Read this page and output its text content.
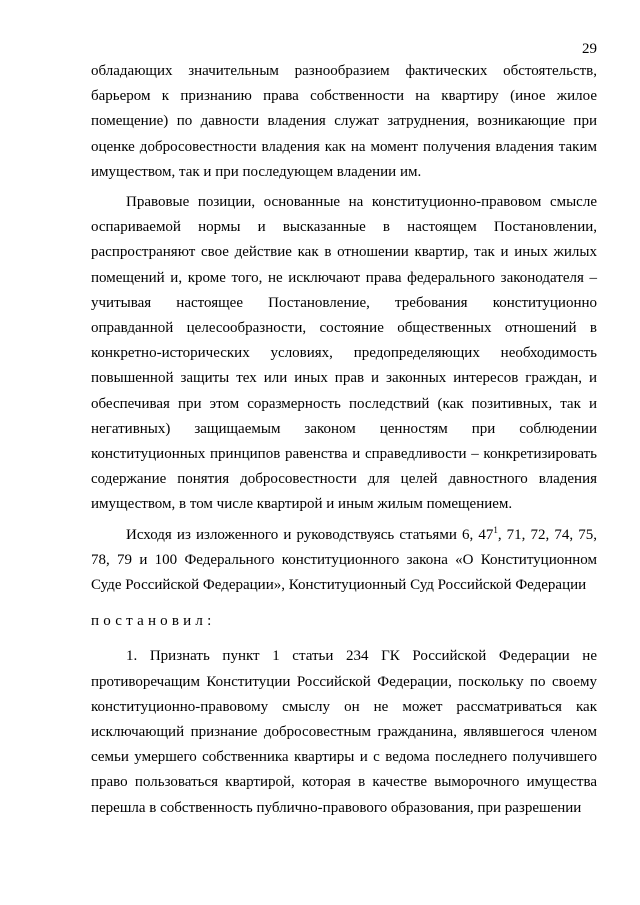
29

обладающих значительным разнообразием фактических обстоятельств, барьером к признанию права собственности на квартиру (иное жилое помещение) по давности владения служат затруднения, возникающие при оценке добросовестности владения как на момент получения владения таким имуществом, так и при последующем владении им.

Правовые позиции, основанные на конституционно-правовом смысле оспариваемой нормы и высказанные в настоящем Постановлении, распространяют свое действие как в отношении квартир, так и иных жилых помещений и, кроме того, не исключают права федерального законодателя – учитывая настоящее Постановление, требования конституционно оправданной целесообразности, состояние общественных отношений в конкретно-исторических условиях, предопределяющих необходимость повышенной защиты тех или иных прав и законных интересов граждан, и обеспечивая при этом соразмерность последствий (как позитивных, так и негативных) защищаемым законом ценностям при соблюдении конституционных принципов равенства и справедливости – конкретизировать содержание понятия добросовестности для целей давностного владения имуществом, в том числе квартирой и иным жилым помещением.

Исходя из изложенного и руководствуясь статьями 6, $47^1$, 71, 72, 74, 75, 78, 79 и 100 Федерального конституционного закона «О Конституционном Суде Российской Федерации», Конституционный Суд Российской Федерации

постановил:

1. Признать пункт 1 статьи 234 ГК Российской Федерации не противоречащим Конституции Российской Федерации, поскольку по своему конституционно-правовому смыслу он не может рассматриваться как исключающий признание добросовестным гражданина, являвшегося членом семьи умершего собственника квартиры и с ведома последнего получившего право пользоваться квартирой, которая в качестве выморочного имущества перешла в собственность публично-правового образования, при разрешении
